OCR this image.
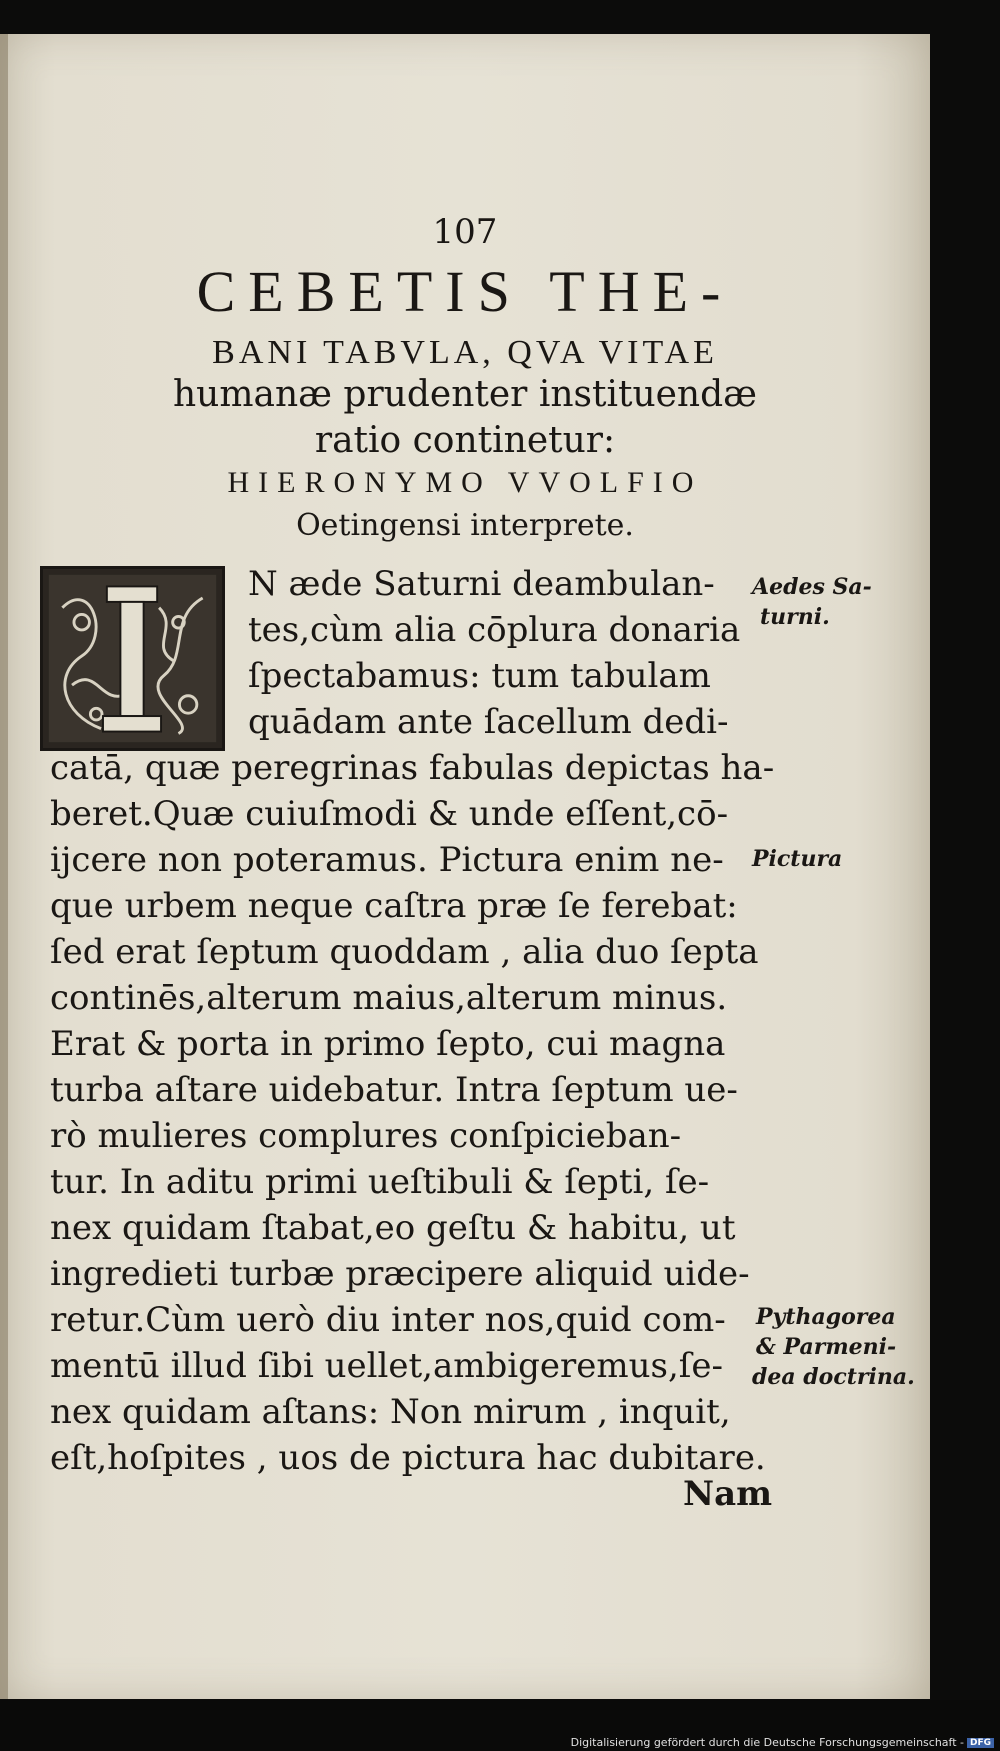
107
CEBETIS THE-
BANI TABVLA, QVA VITAE
humanæ prudenter instituendæ
ratio continetur:
HIERONYMO VVOLFIO
Oetingensi interprete.
N æde Saturni deambulan-
tes,cùm alia cōplura donaria
ſpectabamus: tum tabulam
quādam ante ſacellum dedi-
catā, quæ peregrinas fabulas depictas ha-
beret.Quæ cuiuſmodi & unde eſſent,cō-
ijcere non poteramus. Pictura enim ne-
que urbem neque caſtra præ ſe ferebat:
ſed erat ſeptum quoddam , alia duo ſepta
continēs,alterum maius,alterum minus.
Erat & porta in primo ſepto, cui magna
turba aſtare uidebatur. Intra ſeptum ue-
rò mulieres complures conſpicieban-
tur. In aditu primi ueſtibuli & ſepti, ſe-
nex quidam ſtabat,eo geſtu & habitu, ut
ingredieti turbæ præcipere aliquid uide-
retur.Cùm uerò diu inter nos,quid com-
mentū illud ſibi uellet,ambigeremus,ſe-
nex quidam aſtans: Non mirum , inquit,
eſt,hoſpites , uos de pictura hac dubitare.
Nam
Aedes Sa-
turni.
Pictura
Pythagorea
& Parmeni-
dea doctrina.
Digitalisierung gefördert durch die Deutsche Forschungsgemeinschaft - DFG
